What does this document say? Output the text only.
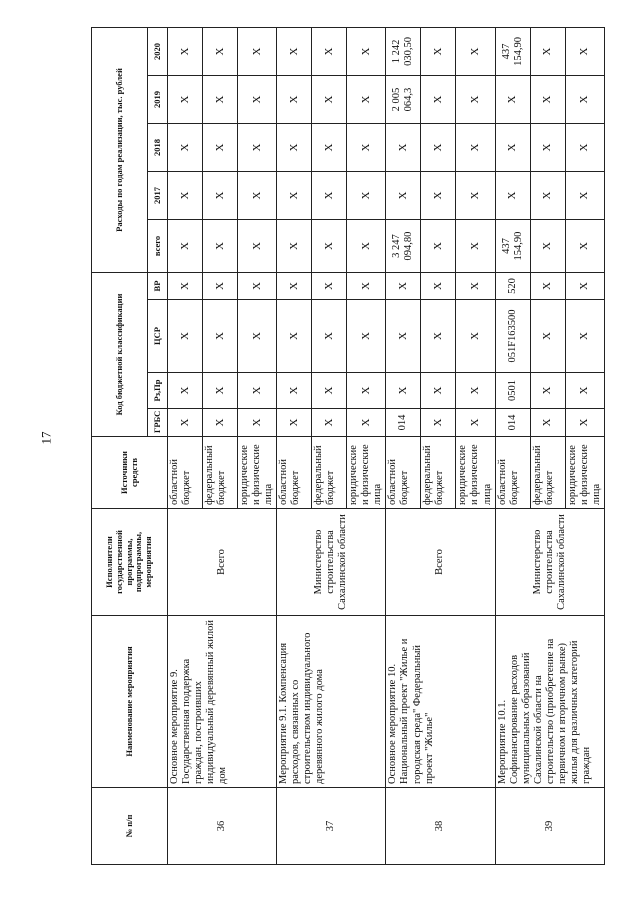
17
№ п/п	Наименование мероприятия	Исполнители государственной программы, подпрограммы, мероприятия	Источники средств	Код бюджетной классификации				Расходы по годам реализации, тыс. рублей				
				ГРБС	Рз,Пр	ЦСР	ВР	всего	2017	2018	2019	2020
36	Основное мероприятие 9. Государственная поддержка граждан, построивших индивидуальный деревянный жилой дом	Всего	областной бюджет	X	X	X	X	X	X	X	X	X
			федеральный бюджет	X	X	X	X	X	X	X	X	X
			юридические и физические лица	X	X	X	X	X	X	X	X	X
37	Мероприятие 9.1. Компенсация расходов, связанных со строительством индивидуального деревянного жилого дома	Министерство строительства Сахалинской области	областной бюджет	X	X	X	X	X	X	X	X	X
			федеральный бюджет	X	X	X	X	X	X	X	X	X
			юридические и физические лица	X	X	X	X	X	X	X	X	X
38	Основное мероприятие 10. Национальный проект "Жилье и городская среда" Федеральный проект "Жилье"	Всего	областной бюджет	014	X	X	X	3 247 094,80	X	X	2 005 064,3	1 242 030,50
			федеральный бюджет	X	X	X	X	X	X	X	X	X
			юридические и физические лица	X	X	X	X	X	X	X	X	X
39	Мероприятие 10.1. Софинансирование расходов муниципальных образований Сахалинской области на строительство (приобретение на первичном и вторичном рынке) жилья для различных категорий граждан	Министерство строительства Сахалинской области	областной бюджет	014	0501	051F163500	520	437 154,90	X	X	X	437 154,90
			федеральный бюджет	X	X	X	X	X	X	X	X	X
			юридические и физические лица	X	X	X	X	X	X	X	X	X
